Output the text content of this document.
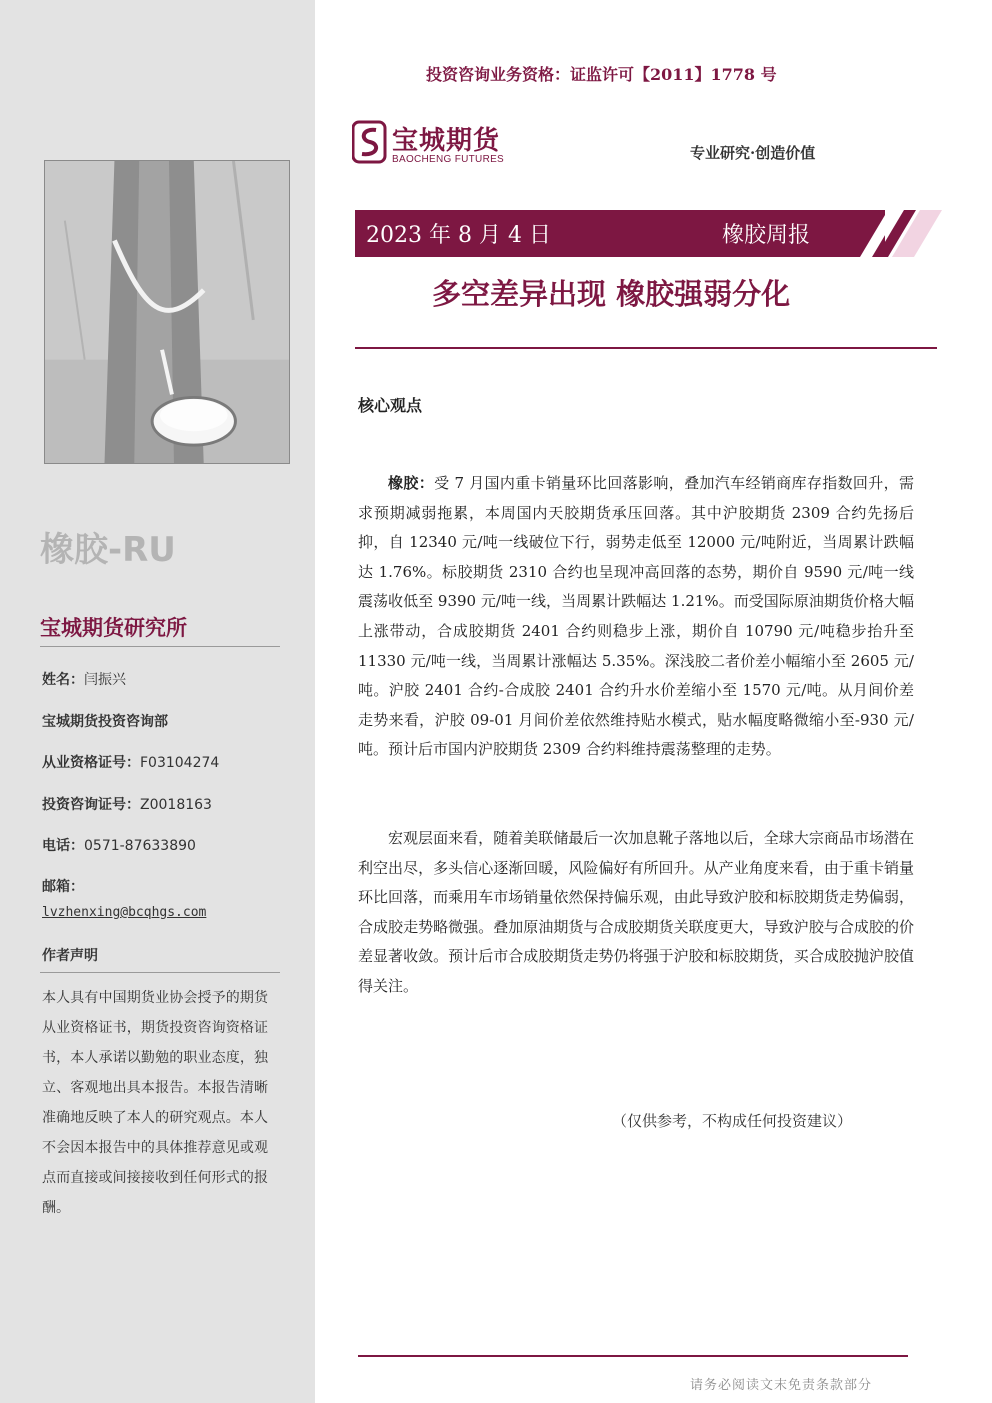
橡胶-RU
宝城期货研究所
姓名：闫振兴
宝城期货投资咨询部
从业资格证号：F03104274
投资咨询证号：Z0018163
电话：0571-87633890
邮箱：
lvzhenxing@bcqhgs.com
作者声明
本人具有中国期货业协会授予的期货从业资格证书，期货投资咨询资格证书，本人承诺以勤勉的职业态度，独立、客观地出具本报告。本报告清晰准确地反映了本人的研究观点。本人不会因本报告中的具体推荐意见或观点而直接或间接接收到任何形式的报酬。
投资咨询业务资格：证监许可【2011】1778 号
宝城期货
BAOCHENG FUTURES	专业研究·创造价值
2023 年 8 月 4 日	橡胶周报
多空差异出现 橡胶强弱分化
核心观点
橡胶：受 7 月国内重卡销量环比回落影响，叠加汽车经销商库存指数回升，需求预期减弱拖累，本周国内天胶期货承压回落。其中沪胶期货 2309 合约先扬后抑，自 12340 元/吨一线破位下行，弱势走低至 12000 元/吨附近，当周累计跌幅达 1.76%。标胶期货 2310 合约也呈现冲高回落的态势，期价自 9590 元/吨一线震荡收低至 9390 元/吨一线，当周累计跌幅达 1.21%。而受国际原油期货价格大幅上涨带动，合成胶期货 2401 合约则稳步上涨，期价自 10790 元/吨稳步抬升至 11330 元/吨一线，当周累计涨幅达 5.35%。深浅胶二者价差小幅缩小至 2605 元/吨。沪胶 2401 合约-合成胶 2401 合约升水价差缩小至 1570 元/吨。从月间价差走势来看，沪胶 09-01 月间价差依然维持贴水模式，贴水幅度略微缩小至-930 元/吨。预计后市国内沪胶期货 2309 合约料维持震荡整理的走势。
宏观层面来看，随着美联储最后一次加息靴子落地以后，全球大宗商品市场潜在利空出尽，多头信心逐渐回暖，风险偏好有所回升。从产业角度来看，由于重卡销量环比回落，而乘用车市场销量依然保持偏乐观，由此导致沪胶和标胶期货走势偏弱，合成胶走势略微强。叠加原油期货与合成胶期货关联度更大，导致沪胶与合成胶的价差显著收敛。预计后市合成胶期货走势仍将强于沪胶和标胶期货，买合成胶抛沪胶值得关注。
（仅供参考，不构成任何投资建议）
请务必阅读文末免责条款部分
